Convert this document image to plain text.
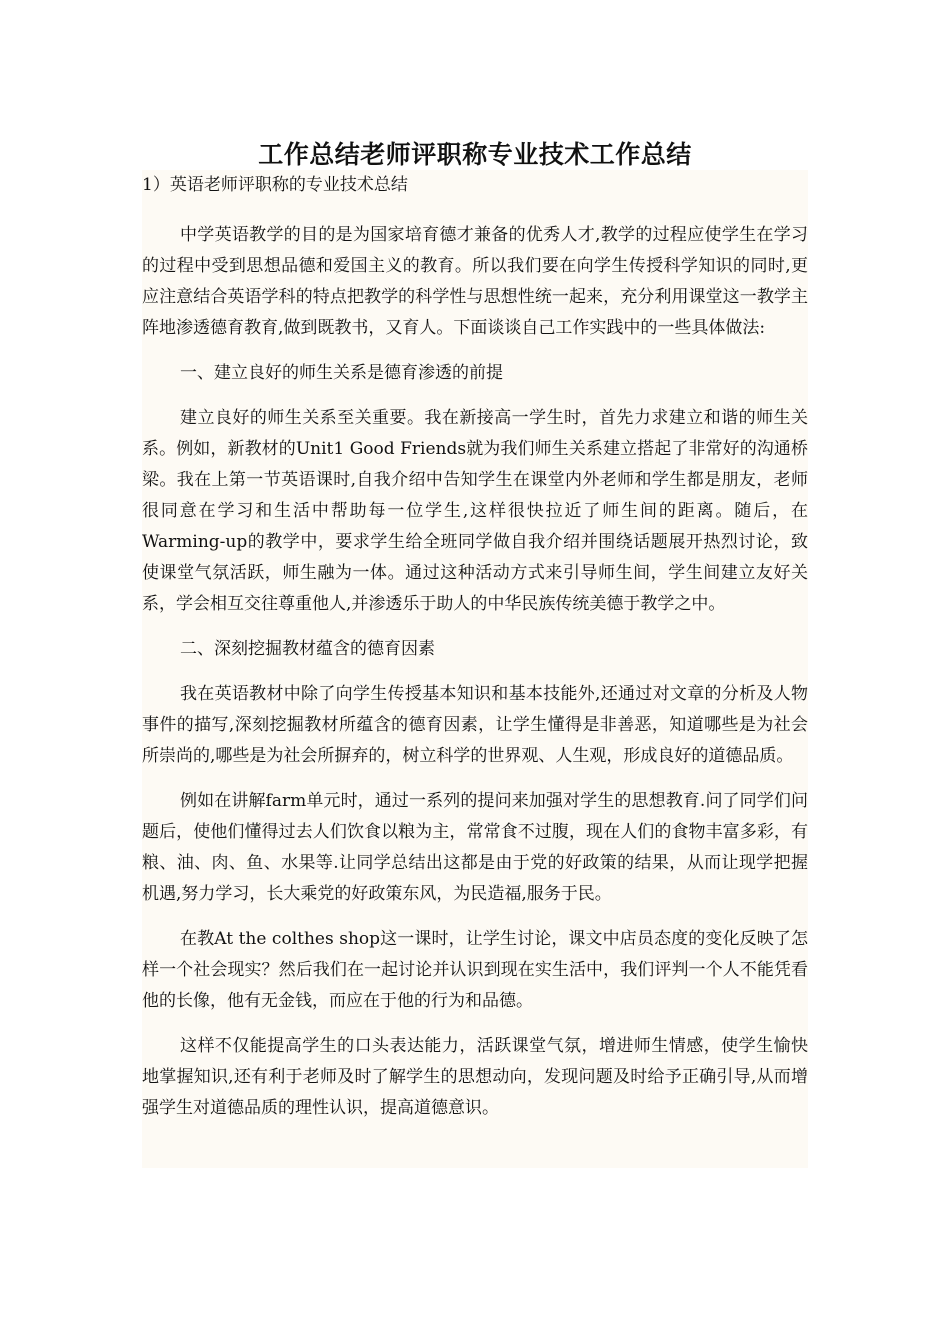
工作总结老师评职称专业技术工作总结

1）英语老师评职称的专业技术总结

中学英语教学的目的是为国家培育德才兼备的优秀人才,教学的过程应使学生在学习的过程中受到思想品德和爱国主义的教育。所以我们要在向学生传授科学知识的同时,更应注意结合英语学科的特点把教学的科学性与思想性统一起来，充分利用课堂这一教学主阵地渗透德育教育,做到既教书，又育人。下面谈谈自己工作实践中的一些具体做法:

一、建立良好的师生关系是德育渗透的前提

建立良好的师生关系至关重要。我在新接高一学生时，首先力求建立和谐的师生关系。例如，新教材的Unit1 Good Friends就为我们师生关系建立搭起了非常好的沟通桥梁。我在上第一节英语课时,自我介绍中告知学生在课堂内外老师和学生都是朋友，老师很同意在学习和生活中帮助每一位学生,这样很快拉近了师生间的距离。随后，在Warming-up的教学中，要求学生给全班同学做自我介绍并围绕话题展开热烈讨论，致使课堂气氛活跃，师生融为一体。通过这种活动方式来引导师生间，学生间建立友好关系，学会相互交往尊重他人,并渗透乐于助人的中华民族传统美德于教学之中。

二、深刻挖掘教材蕴含的德育因素

我在英语教材中除了向学生传授基本知识和基本技能外,还通过对文章的分析及人物事件的描写,深刻挖掘教材所蕴含的德育因素，让学生懂得是非善恶，知道哪些是为社会所崇尚的,哪些是为社会所摒弃的，树立科学的世界观、人生观，形成良好的道德品质。

例如在讲解farm单元时，通过一系列的提问来加强对学生的思想教育.问了同学们问题后，使他们懂得过去人们饮食以粮为主，常常食不过腹，现在人们的食物丰富多彩，有粮、油、肉、鱼、水果等.让同学总结出这都是由于党的好政策的结果，从而让现学把握机遇,努力学习，长大乘党的好政策东风，为民造福,服务于民。

在教At the colthes shop这一课时，让学生讨论，课文中店员态度的变化反映了怎样一个社会现实？然后我们在一起讨论并认识到现在实生活中，我们评判一个人不能凭看他的长像，他有无金钱，而应在于他的行为和品德。

这样不仅能提高学生的口头表达能力，活跃课堂气氛，增进师生情感，使学生愉快地掌握知识,还有利于老师及时了解学生的思想动向，发现问题及时给予正确引导,从而增强学生对道德品质的理性认识，提高道德意识。
